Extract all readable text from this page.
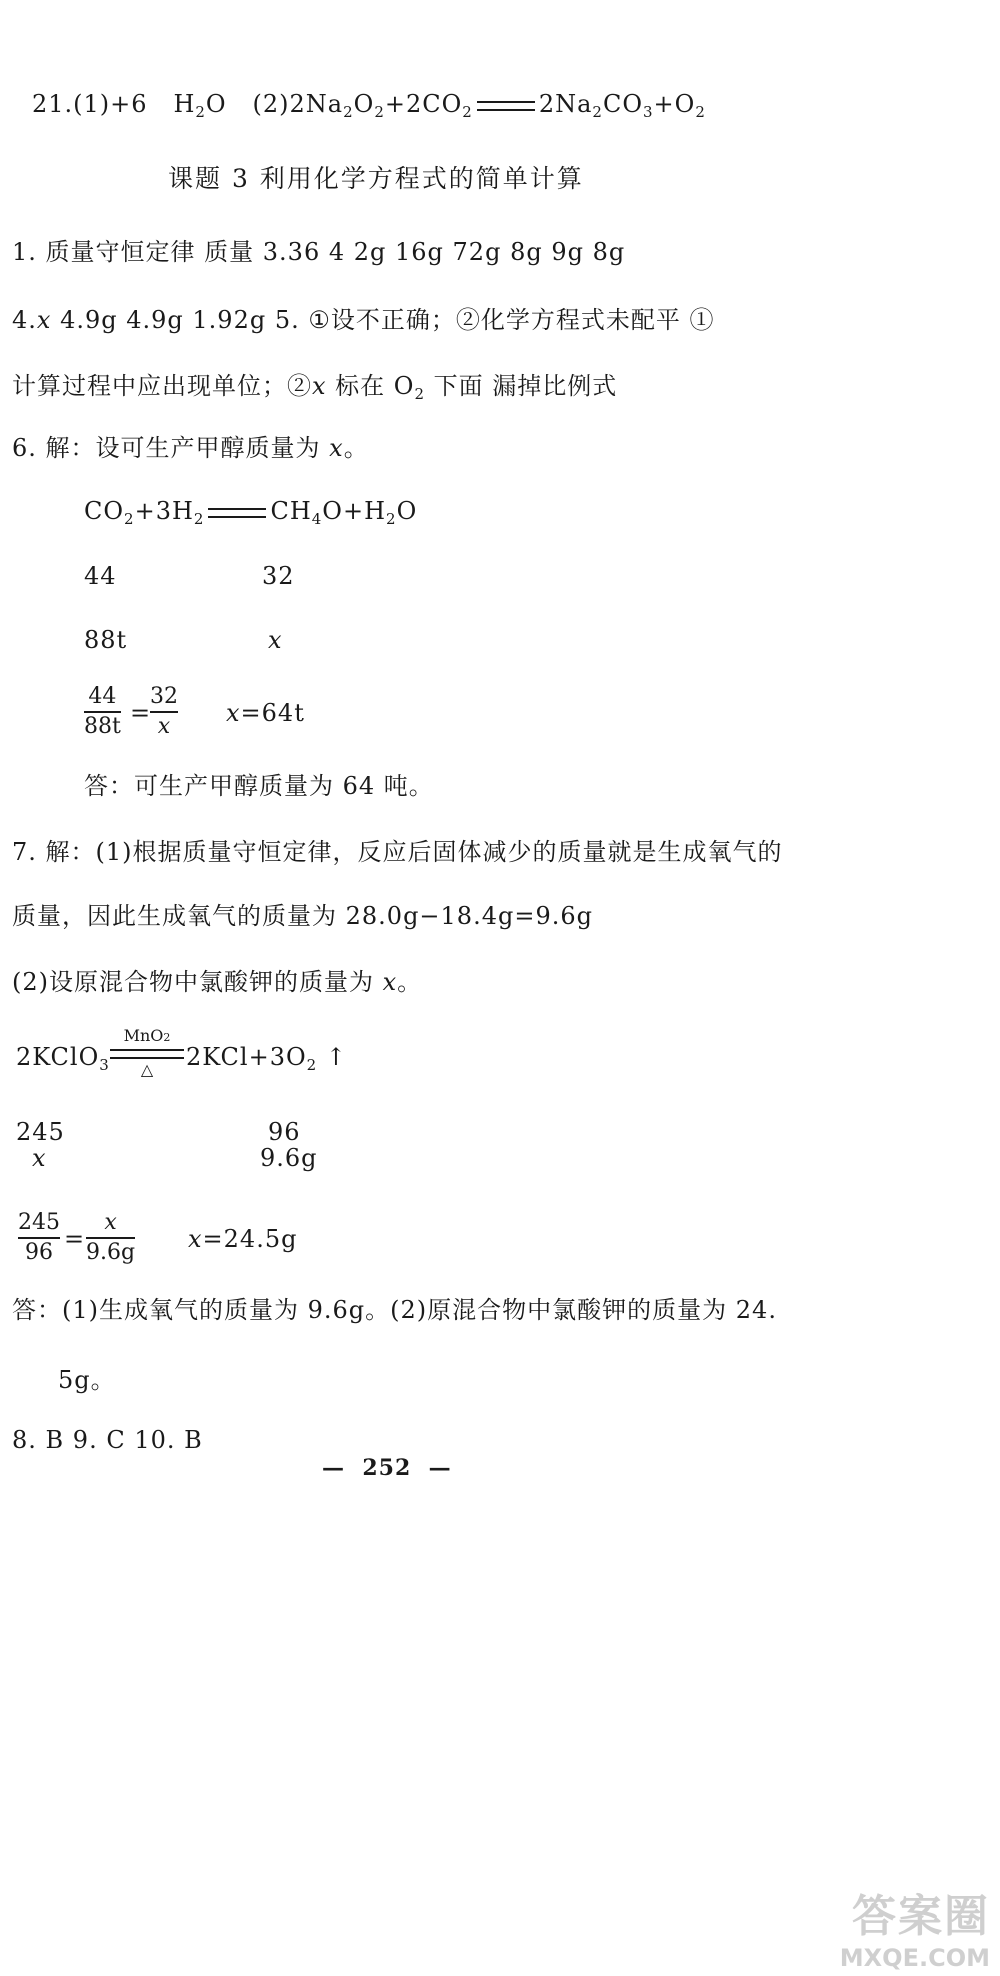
21.(1)+6 $H_2O$ $(2)2Na_2O_2+2CO_2$	$2Na_2CO_3+O_2$
课题 3 利用化学方程式的简单计算
1. 质量守恒定律 质量 3.36 4 2g 16g 72g 8g 9g 8g
4.x 4.9g 4.9g 1.92g 5. ①设不正确；②化学方程式未配平 ①
计算过程中应出现单位；②x 标在 $O_2$ 下面 漏掉比例式
6. 解：设可生产甲醇质量为 x。
$CO_2+3H_2$	$CH_4O+H_2O$
44	32
88t	x
44
88t =
32
x x=64t
答：可生产甲醇质量为 64 吨。
7. 解：(1)根据质量守恒定律，反应后固体减少的质量就是生成氧气的
质量，因此生成氧气的质量为 28.0g−18.4g=9.6g
(2)设原混合物中氯酸钾的质量为 x。
2KClO$_3$
MnO2
△ $2KCl+3O_2$ ↑
245	96
x	9.6g
245
96 =
x
9.6g x=24.5g
答：(1)生成氧气的质量为 9.6g。(2)原混合物中氯酸钾的质量为 24.
5g。
8. B 9. C 10. B
— 252 —
答案圈
MXQE.COM
